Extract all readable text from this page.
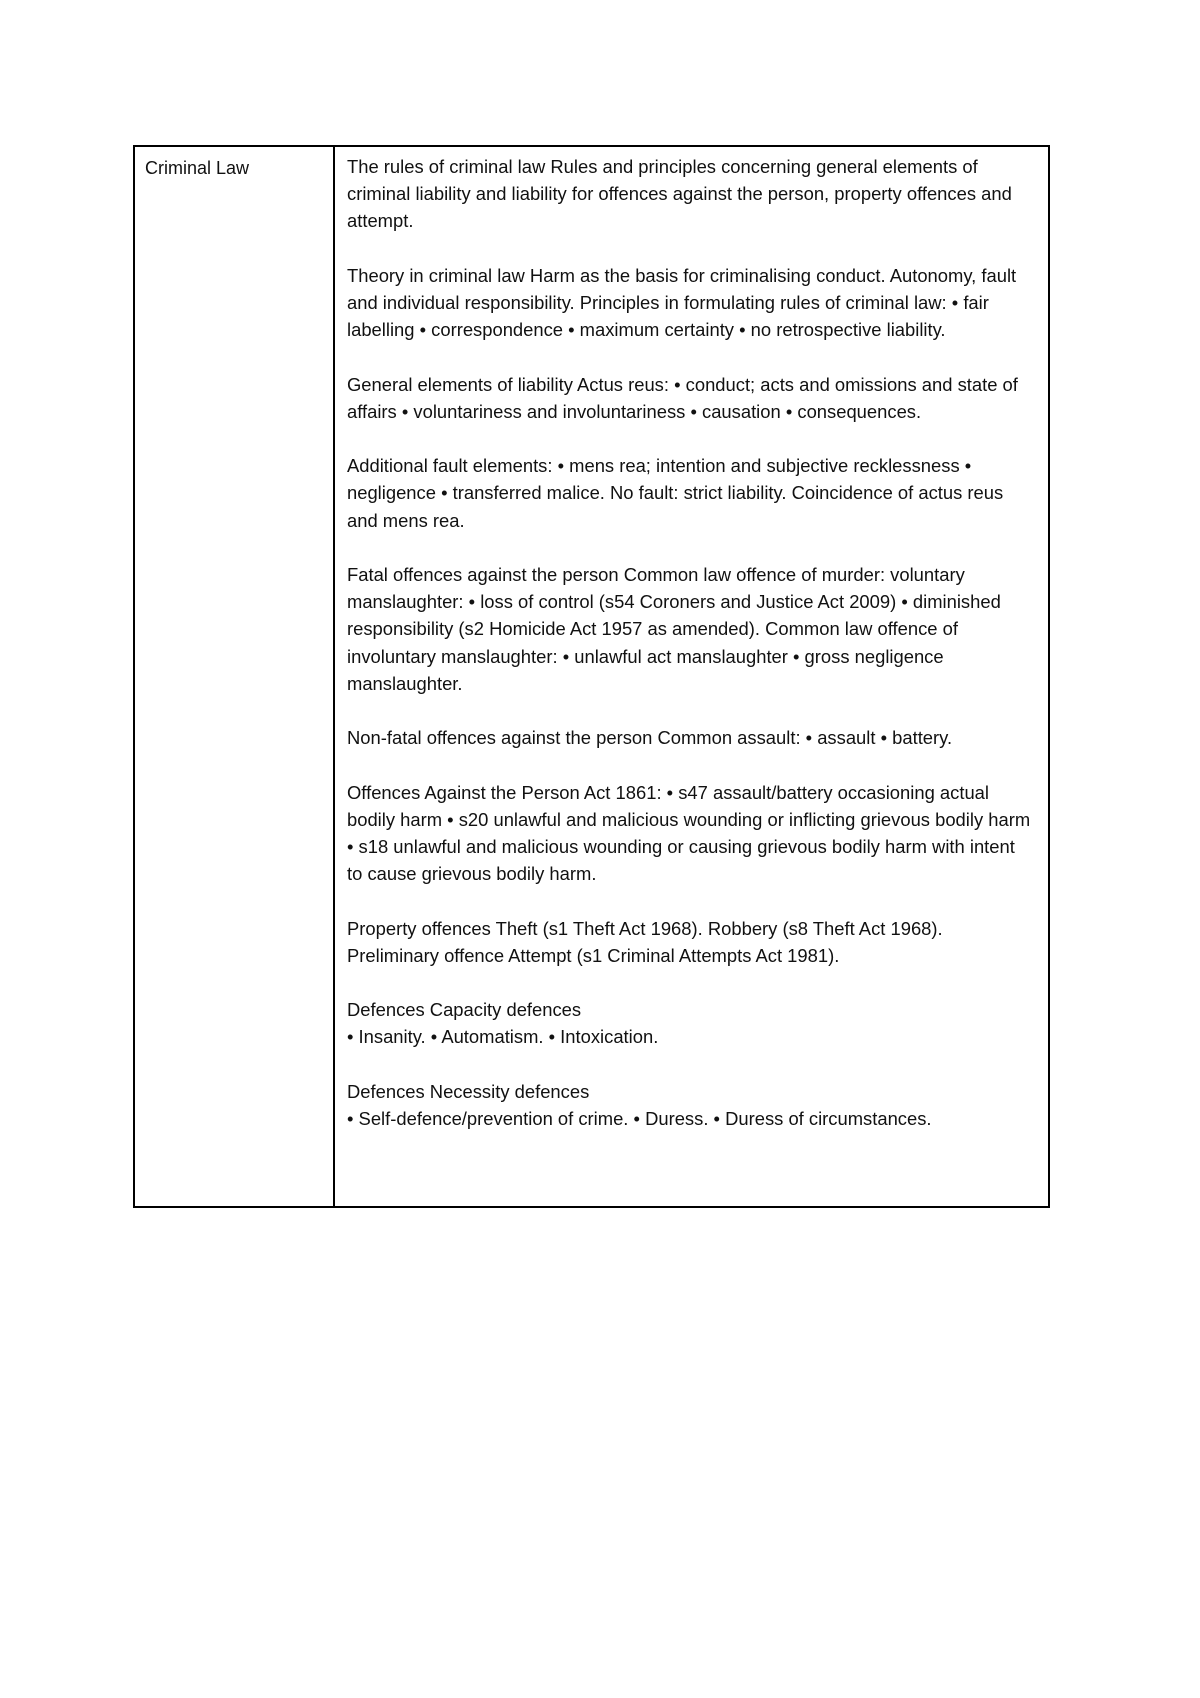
Criminal Law	The rules of criminal law Rules and principles concerning general elements of criminal liability and liability for offences against the person, property offences and attempt.

Theory in criminal law Harm as the basis for criminalising conduct. Autonomy, fault and individual responsibility. Principles in formulating rules of criminal law: • fair labelling • correspondence • maximum certainty • no retrospective liability.

General elements of liability Actus reus: • conduct; acts and omissions and state of affairs • voluntariness and involuntariness • causation • consequences.

Additional fault elements: • mens rea; intention and subjective recklessness • negligence • transferred malice. No fault: strict liability. Coincidence of actus reus and mens rea.

Fatal offences against the person Common law offence of murder: voluntary manslaughter: • loss of control (s54 Coroners and Justice Act 2009) • diminished responsibility (s2 Homicide Act 1957 as amended). Common law offence of involuntary manslaughter: • unlawful act manslaughter • gross negligence manslaughter.

Non-fatal offences against the person Common assault: • assault • battery.

Offences Against the Person Act 1861: • s47 assault/battery occasioning actual bodily harm • s20 unlawful and malicious wounding or inflicting grievous bodily harm • s18 unlawful and malicious wounding or causing grievous bodily harm with intent to cause grievous bodily harm.

Property offences Theft (s1 Theft Act 1968). Robbery (s8 Theft Act 1968). Preliminary offence Attempt (s1 Criminal Attempts Act 1981).

Defences Capacity defences
• Insanity. • Automatism. • Intoxication.

Defences Necessity defences
• Self-defence/prevention of crime. • Duress. • Duress of circumstances.
